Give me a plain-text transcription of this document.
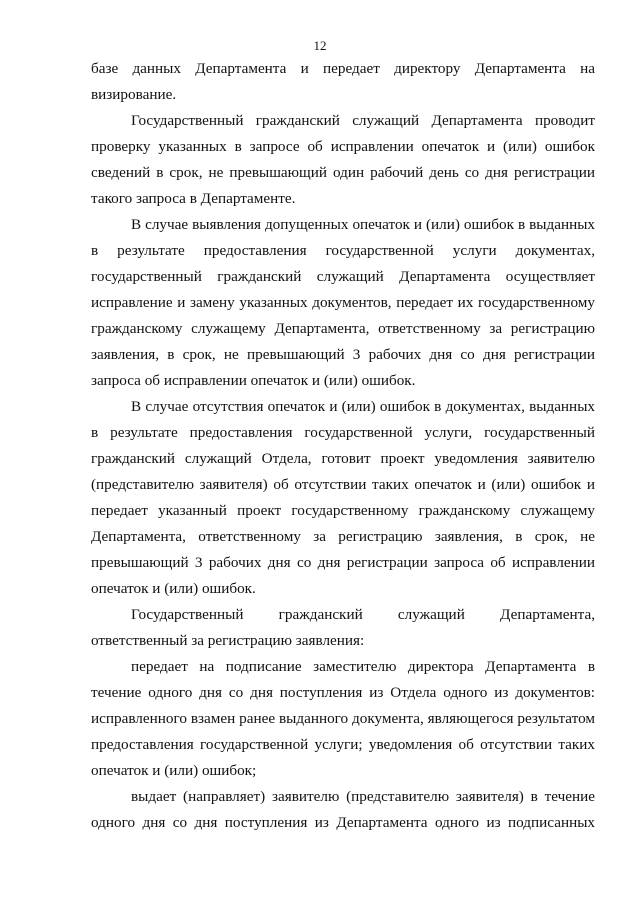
12

базе данных Департамента и передает директору Департамента на визирование.

Государственный гражданский служащий Департамента проводит проверку указанных в запросе об исправлении опечаток и (или) ошибок сведений в срок, не превышающий один рабочий день со дня регистрации такого запроса в Департаменте.

В случае выявления допущенных опечаток и (или) ошибок в выданных в результате предоставления государственной услуги документах, государственный гражданский служащий Департамента осуществляет исправление и замену указанных документов, передает их государственному гражданскому служащему Департамента, ответственному за регистрацию заявления, в срок, не превышающий 3 рабочих дня со дня регистрации запроса об исправлении опечаток и (или) ошибок.

В случае отсутствия опечаток и (или) ошибок в документах, выданных в результате предоставления государственной услуги, государственный гражданский служащий Отдела, готовит проект уведомления заявителю (представителю заявителя) об отсутствии таких опечаток и (или) ошибок и передает указанный проект государственному гражданскому служащему Департамента, ответственному за регистрацию заявления, в срок, не превышающий 3 рабочих дня со дня регистрации запроса об исправлении опечаток и (или) ошибок.

Государственный гражданский служащий Департамента, ответственный за регистрацию заявления:

передает на подписание заместителю директора Департамента в течение одного дня со дня поступления из Отдела одного из документов: исправленного взамен ранее выданного документа, являющегося результатом предоставления государственной услуги; уведомления об отсутствии таких опечаток и (или) ошибок;

выдает (направляет) заявителю (представителю заявителя) в течение одного дня со дня поступления из Департамента одного из подписанных
